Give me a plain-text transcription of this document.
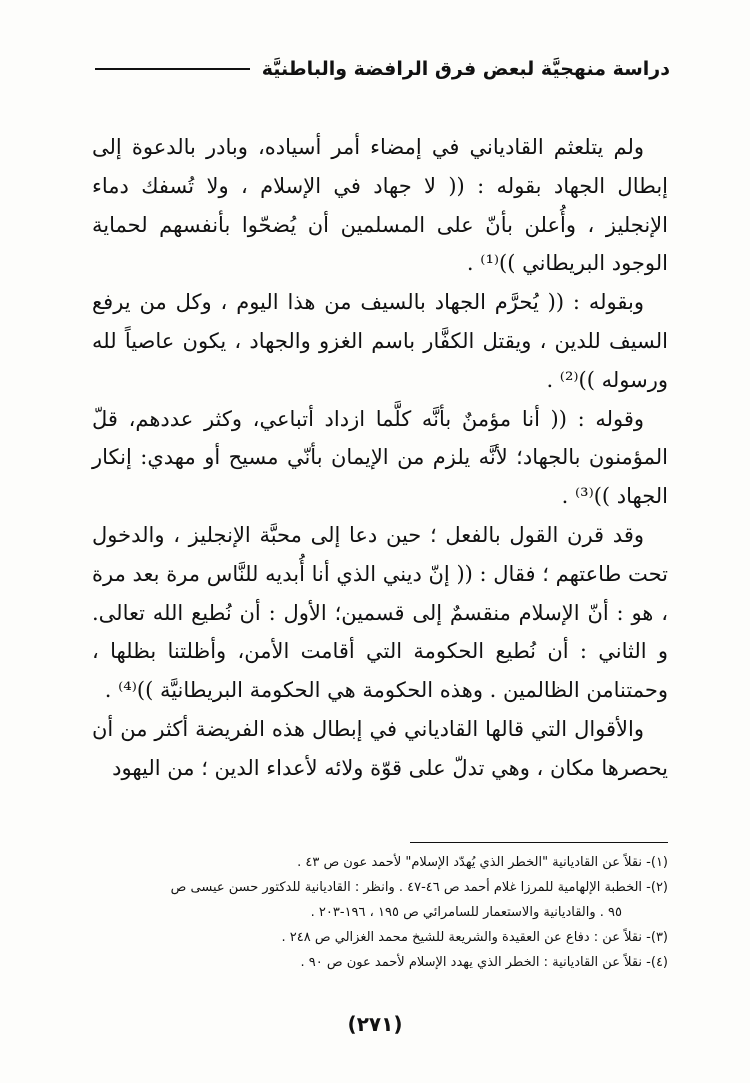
دراسة منهجيَّة لبعض فرق الرافضة والباطنيَّة

ولم يتلعثم القادياني في إمضاء أمر أسياده، وبادر بالدعوة إلى إبطال الجهاد بقوله : (( لا جهاد في الإسلام ، ولا تُسفك دماء الإنجليز ، وأُعلن بأنّ على المسلمين أن يُضحّوا بأنفسهم لحماية الوجود البريطاني ))⁽¹⁾ .

وبقوله : (( يُحرَّم الجهاد بالسيف من هذا اليوم ، وكل من يرفع السيف للدين ، ويقتل الكفَّار باسم الغزو والجهاد ، يكون عاصياً لله ورسوله ))⁽²⁾ .

وقوله : (( أنا مؤمنٌ بأنَّه كلَّما ازداد أتباعي، وكثر عددهم، قلّ المؤمنون بالجهاد؛ لأنَّه يلزم من الإيمان بأنّي مسيح أو مهدي: إنكار الجهاد ))⁽³⁾ .

وقد قرن القول بالفعل ؛ حين دعا إلى محبَّة الإنجليز ، والدخول تحت طاعتهم ؛ فقال : (( إنّ ديني الذي أنا أُبديه للنَّاس مرة بعد مرة ، هو : أنّ الإسلام منقسمٌ إلى قسمين؛ الأول : أن نُطيع الله تعالى. و الثاني : أن نُطيع الحكومة التي أقامت الأمن، وأظلتنا بظلها ، وحمتنامن الظالمين . وهذه الحكومة هي الحكومة البريطانيَّة ))⁽⁴⁾ .

والأقوال التي قالها القادياني في إبطال هذه الفريضة أكثر من أن يحصرها مكان ، وهي تدلّ على قوّة ولائه لأعداء الدين ؛ من اليهود

(١)- نقلاً عن القاديانية "الخطر الذي يُهدّد الإسلام" لأحمد عون ص ٤٣ .

(٢)- الخطبة الإلهامية للمرزا غلام أحمد ص ٤٦-٤٧ . وانظر : القاديانية للدكتور حسن عيسى ص

٩٥ . والقاديانية والاستعمار للسامرائي ص ١٩٥ ، ١٩٦-٢٠٣ .

(٣)- نقلاً عن : دفاع عن العقيدة والشريعة للشيخ محمد الغزالي ص ٢٤٨ .

(٤)- نقلاً عن القاديانية : الخطر الذي يهدد الإسلام لأحمد عون ص ٩٠ .

(٢٧١)
